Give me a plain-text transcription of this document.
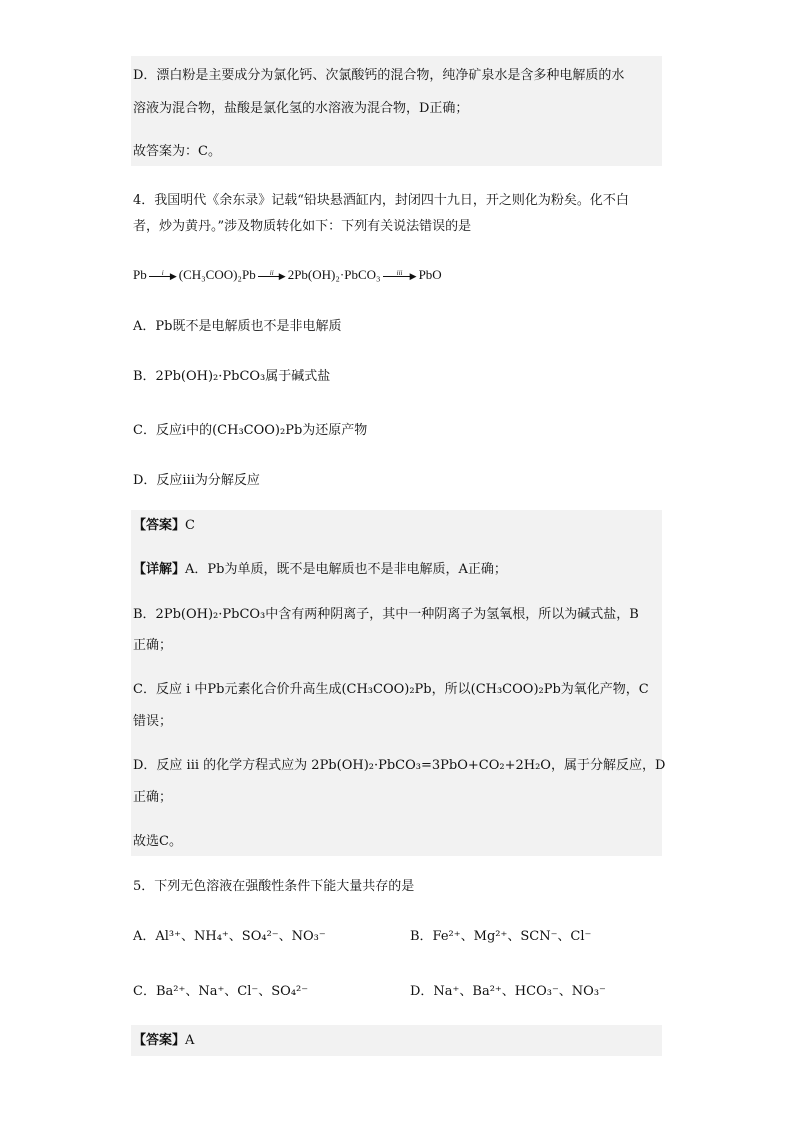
D．漂白粉是主要成分为氯化钙、次氯酸钙的混合物，纯净矿泉水是含多种电解质的水
溶液为混合物，盐酸是氯化氢的水溶液为混合物，D正确；
故答案为：C。
4．我国明代《余东录》记载“铅块悬酒缸内，封闭四十九日，开之则化为粉矣。化不白
者，炒为黄丹。”涉及物质转化如下：下列有关说法错误的是
Pb	i ▶ (CH₃COO)₂Pb	ii ▶ 2Pb(OH)₂·PbCO₃	iii ▶ PbO
A．Pb既不是电解质也不是非电解质
B．2Pb(OH)₂·PbCO₃属于碱式盐
C．反应i中的(CH₃COO)₂Pb为还原产物
D．反应iii为分解反应
【答案】C
【详解】A．Pb为单质，既不是电解质也不是非电解质，A正确；
B．2Pb(OH)₂·PbCO₃中含有两种阴离子，其中一种阴离子为氢氧根，所以为碱式盐，B
正确；
C．反应 i 中Pb元素化合价升高生成(CH₃COO)₂Pb，所以(CH₃COO)₂Pb为氧化产物，C
错误；
D．反应 iii 的化学方程式应为 2Pb(OH)₂·PbCO₃=3PbO+CO₂+2H₂O，属于分解反应，D
正确；
故选C。
5．下列无色溶液在强酸性条件下能大量共存的是
A．Al³⁺、NH₄⁺、SO₄²⁻、NO₃⁻	B．Fe²⁺、Mg²⁺、SCN⁻、Cl⁻
C．Ba²⁺、Na⁺、Cl⁻、SO₄²⁻	D．Na⁺、Ba²⁺、HCO₃⁻、NO₃⁻
【答案】A
